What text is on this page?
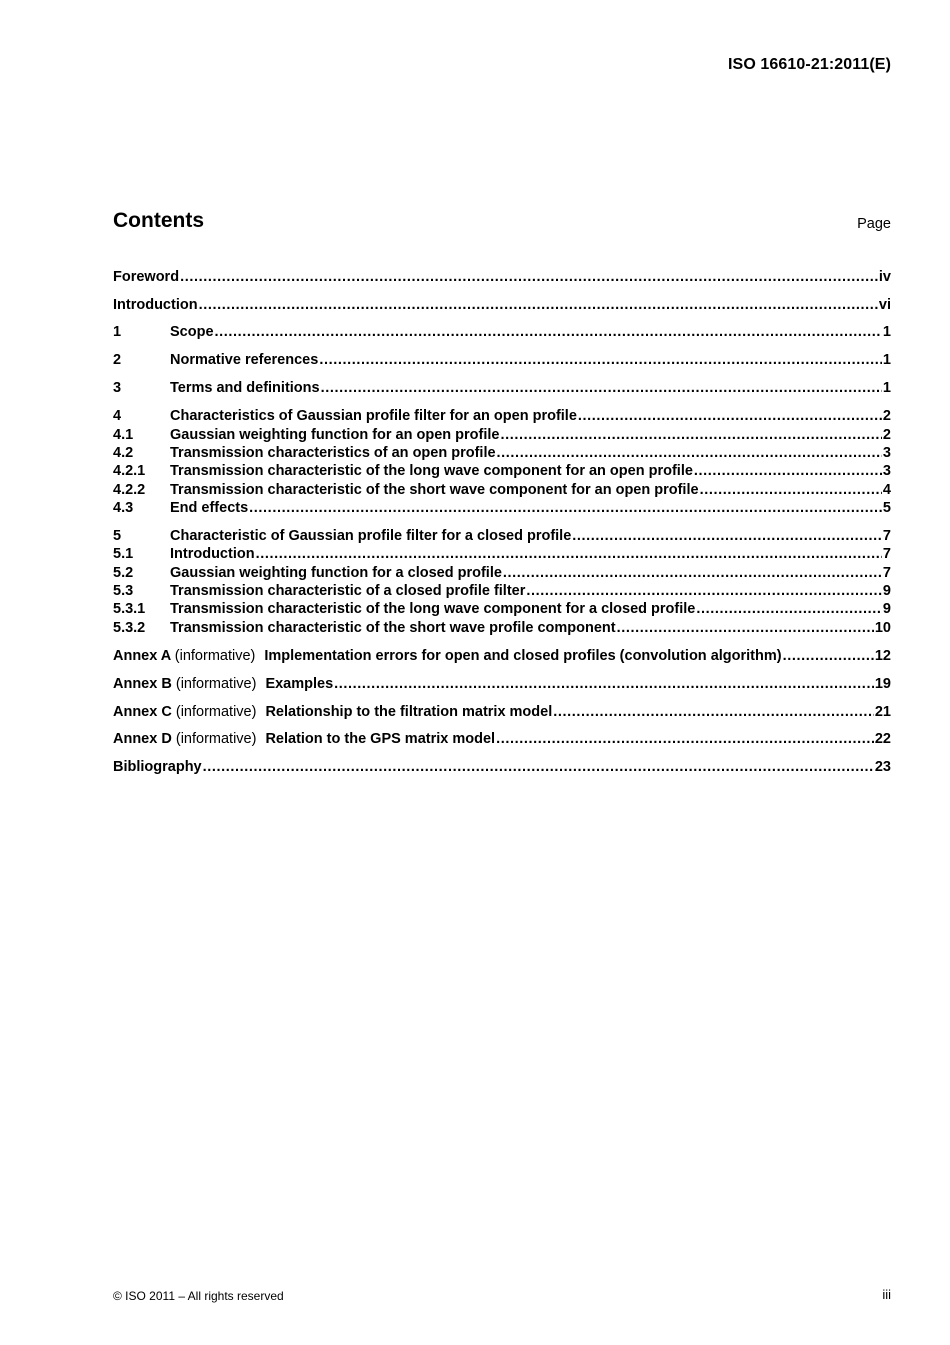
ISO 16610-21:2011(E)
Contents	Page
Foreword .....	iv
Introduction .....	vi
1	Scope .....	1
2	Normative references .....	1
3	Terms and definitions .....	1
4	Characteristics of Gaussian profile filter for an open profile .....	2
4.1	Gaussian weighting function for an open profile .....	2
4.2	Transmission characteristics of an open profile .....	3
4.2.1	Transmission characteristic of the long wave component for an open profile .....	3
4.2.2	Transmission characteristic of the short wave component for an open profile .....	4
4.3	End effects .....	5
5	Characteristic of Gaussian profile filter for a closed profile .....	7
5.1	Introduction .....	7
5.2	Gaussian weighting function for a closed profile .....	7
5.3	Transmission characteristic of a closed profile filter .....	9
5.3.1	Transmission characteristic of the long wave component for a closed profile .....	9
5.3.2	Transmission characteristic of the short wave profile component .....	10
Annex A (informative) Implementation errors for open and closed profiles (convolution algorithm) .....	12
Annex B (informative) Examples .....	19
Annex C (informative) Relationship to the filtration matrix model .....	21
Annex D (informative) Relation to the GPS matrix model .....	22
Bibliography .....	23
© ISO 2011 – All rights reserved	iii
